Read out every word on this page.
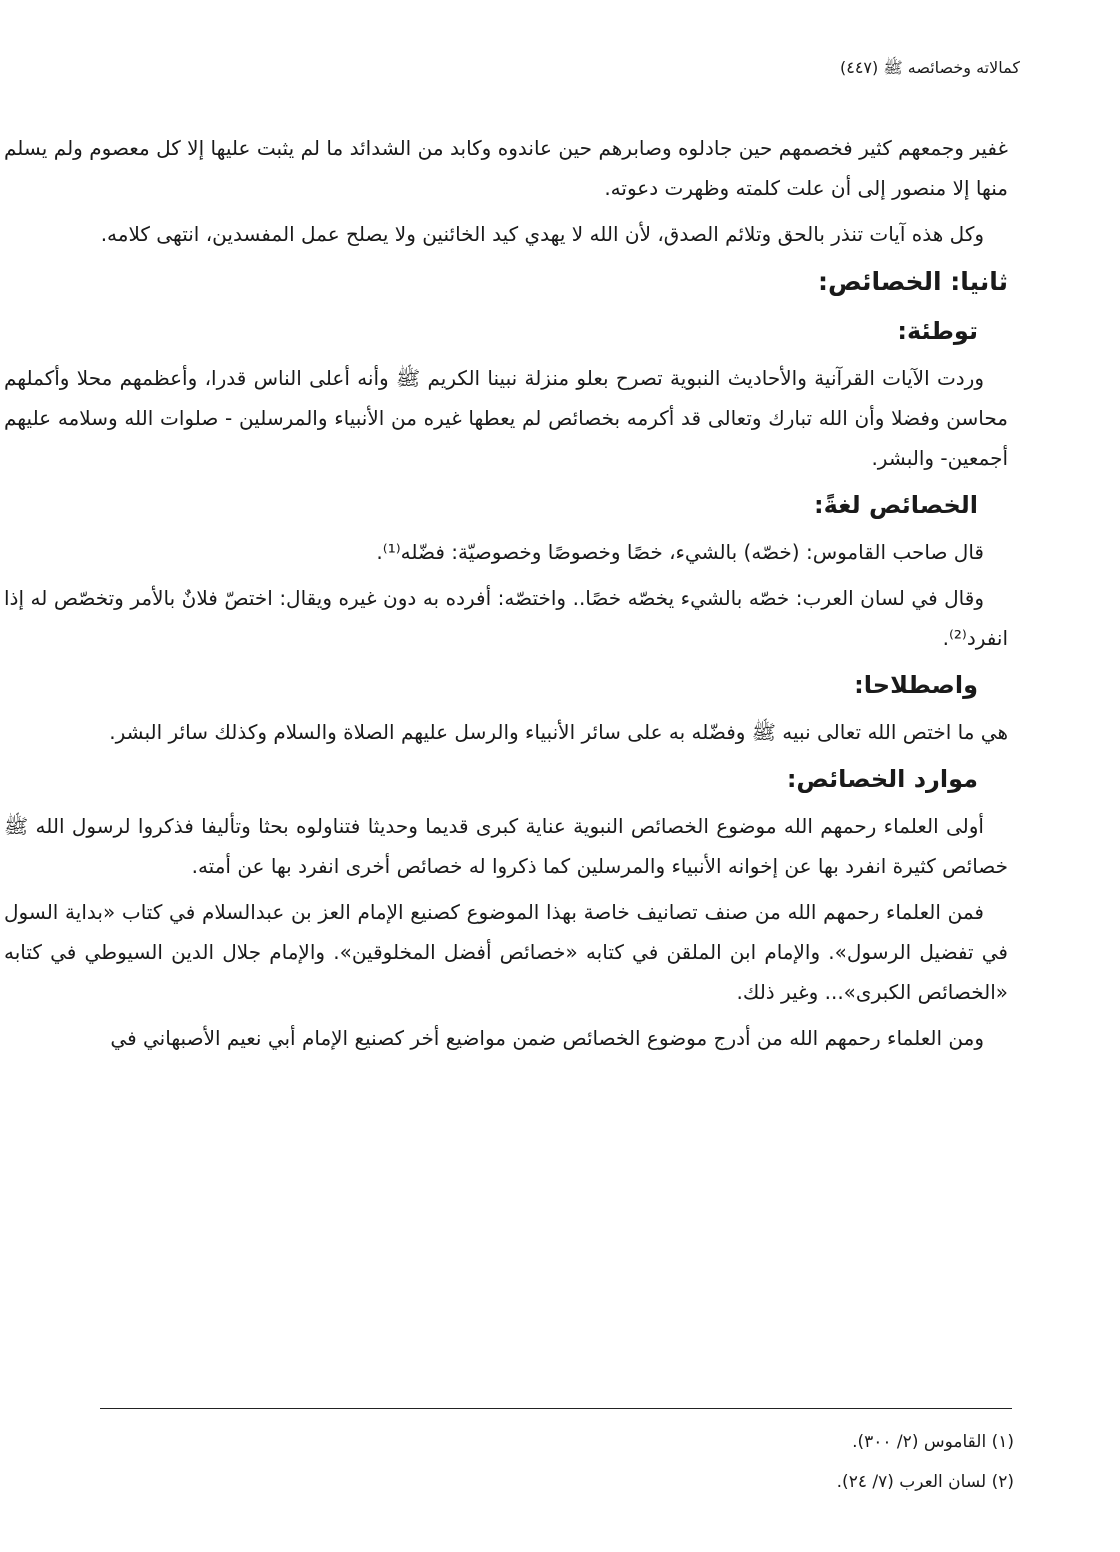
كمالاته وخصائصه ﷺ (٤٤٧)

غفير وجمعهم كثير فخصمهم حين جادلوه وصابرهم حين عاندوه وكابد من الشدائد ما لم يثبت عليها إلا كل معصوم ولم يسلم منها إلا منصور إلى أن علت كلمته وظهرت دعوته.

وكل هذه آيات تنذر بالحق وتلائم الصدق، لأن الله لا يهدي كيد الخائنين ولا يصلح عمل المفسدين، انتهى كلامه.

ثانيا: الخصائص:
توطئة:

وردت الآيات القرآنية والأحاديث النبوية تصرح بعلو منزلة نبينا الكريم ﷺ وأنه أعلى الناس قدرا، وأعظمهم محلا وأكملهم محاسن وفضلا وأن الله تبارك وتعالى قد أكرمه بخصائص لم يعطها غيره من الأنبياء والمرسلين - صلوات الله وسلامه عليهم أجمعين- والبشر.

الخصائص لغةً:

قال صاحب القاموس: (خصّه) بالشيء، خصًا وخصوصًا وخصوصيّة: فضّله⁽¹⁾.

وقال في لسان العرب: خصّه بالشيء يخصّه خصًا.. واختصّه: أفرده به دون غيره ويقال: اختصّ فلانٌ بالأمر وتخصّص له إذا انفرد⁽²⁾.

واصطلاحا:

هي ما اختص الله تعالى نبيه ﷺ وفضّله به على سائر الأنبياء والرسل عليهم الصلاة والسلام وكذلك سائر البشر.

موارد الخصائص:

أولى العلماء رحمهم الله موضوع الخصائص النبوية عناية كبرى قديما وحديثا فتناولوه بحثا وتأليفا فذكروا لرسول الله ﷺ خصائص كثيرة انفرد بها عن إخوانه الأنبياء والمرسلين كما ذكروا له خصائص أخرى انفرد بها عن أمته.

فمن العلماء رحمهم الله من صنف تصانيف خاصة بهذا الموضوع كصنيع الإمام العز بن عبدالسلام في كتاب «بداية السول في تفضيل الرسول». والإمام ابن الملقن في كتابه «خصائص أفضل المخلوقين». والإمام جلال الدين السيوطي في كتابه «الخصائص الكبرى»... وغير ذلك.

ومن العلماء رحمهم الله من أدرج موضوع الخصائص ضمن مواضيع أخر كصنيع الإمام أبي نعيم الأصبهاني في

(١) القاموس (٢/ ٣٠٠).
(٢) لسان العرب (٧/ ٢٤).
